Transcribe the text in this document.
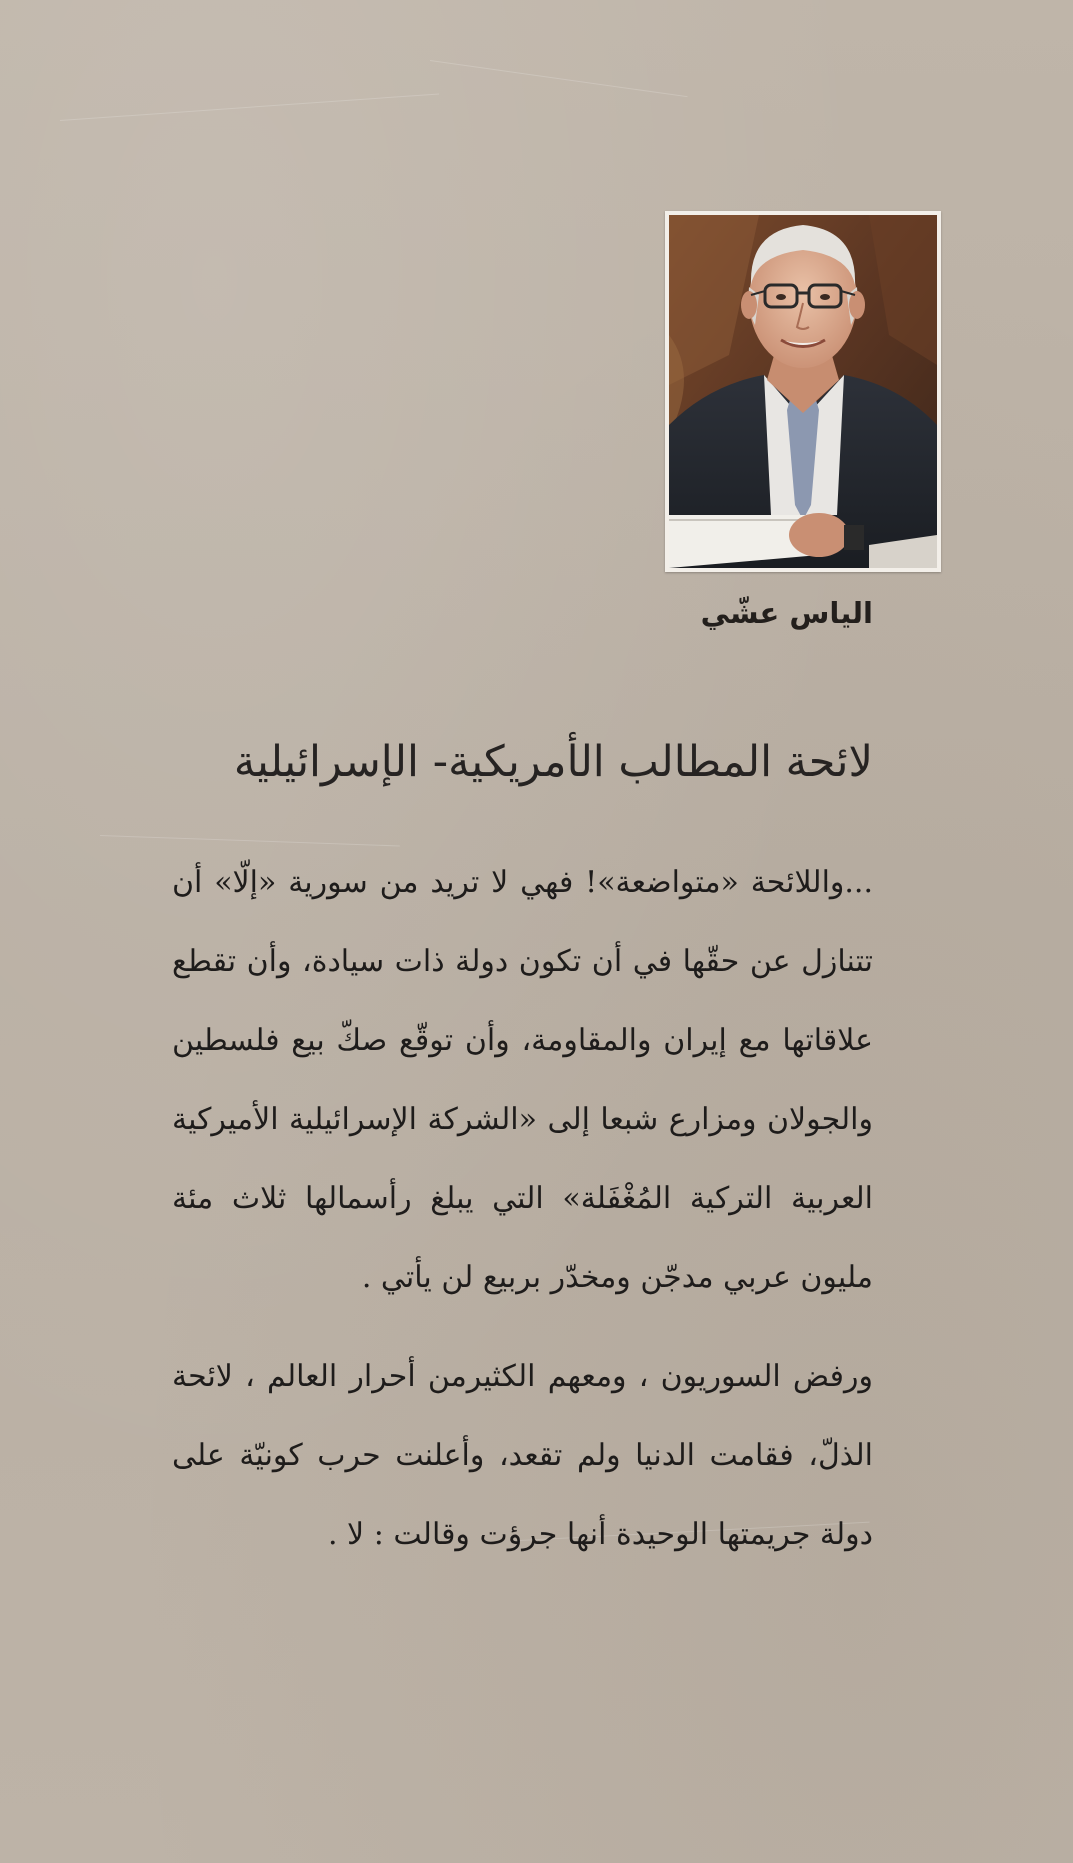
الياس عشّي
لائحة المطالب الأمريكية- الإسرائيلية
...واللائحة «متواضعة»! فهي لا تريد من سورية «إلّا» أن تتنازل عن حقّها في أن تكون دولة ذات سيادة، وأن تقطع علاقاتها مع إيران والمقاومة، وأن توقّع صكّ بيع فلسطين والجولان ومزارع شبعا إلى «الشركة الإسرائيلية الأميركية العربية التركية المُغْفَلة» التي يبلغ رأسمالها ثلاث مئة مليون عربي مدجّن ومخدّر بربيع لن يأتي .
ورفض السوريون ، ومعهم الكثيرمن أحرار العالم ، لائحة الذلّ، فقامت الدنيا ولم تقعد، وأعلنت حرب كونيّة على دولة جريمتها الوحيدة أنها جرؤت وقالت : لا .
